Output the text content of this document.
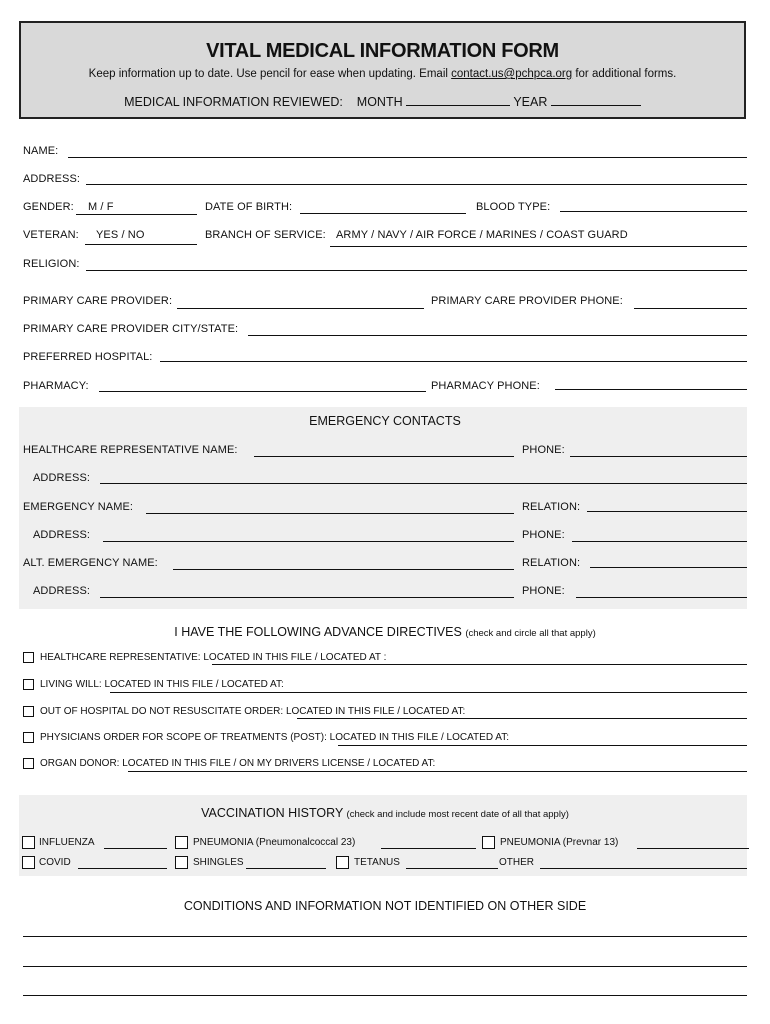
VITAL MEDICAL INFORMATION FORM
Keep information up to date. Use pencil for ease when updating. Email contact.us@pchpca.org for additional forms.
MEDICAL INFORMATION REVIEWED: MONTH	YEAR
NAME:
ADDRESS:
GENDER: M / F	DATE OF BIRTH:	BLOOD TYPE:
VETERAN: YES / NO	BRANCH OF SERVICE: ARMY / NAVY / AIR FORCE / MARINES / COAST GUARD
RELIGION:
PRIMARY CARE PROVIDER:	PRIMARY CARE PROVIDER PHONE:
PRIMARY CARE PROVIDER CITY/STATE:
PREFERRED HOSPITAL:
PHARMACY:	PHARMACY PHONE:
EMERGENCY CONTACTS
HEALTHCARE REPRESENTATIVE NAME:	PHONE:
ADDRESS:
EMERGENCY NAME:	RELATION:
ADDRESS:	PHONE:
ALT. EMERGENCY NAME:	RELATION:
ADDRESS:	PHONE:
I HAVE THE FOLLOWING ADVANCE DIRECTIVES (check and circle all that apply)
HEALTHCARE REPRESENTATIVE: LOCATED IN THIS FILE / LOCATED AT :
LIVING WILL: LOCATED IN THIS FILE / LOCATED AT:
OUT OF HOSPITAL DO NOT RESUSCITATE ORDER: LOCATED IN THIS FILE / LOCATED AT:
PHYSICIANS ORDER FOR SCOPE OF TREATMENTS (POST): LOCATED IN THIS FILE / LOCATED AT:
ORGAN DONOR: LOCATED IN THIS FILE / ON MY DRIVERS LICENSE / LOCATED AT:
VACCINATION HISTORY (check and include most recent date of all that apply)
INFLUENZA	PNEUMONIA (Pneumonalcoccal 23)	PNEUMONIA (Prevnar 13)
COVID	SHINGLES	TETANUS	OTHER
CONDITIONS AND INFORMATION NOT IDENTIFIED ON OTHER SIDE
